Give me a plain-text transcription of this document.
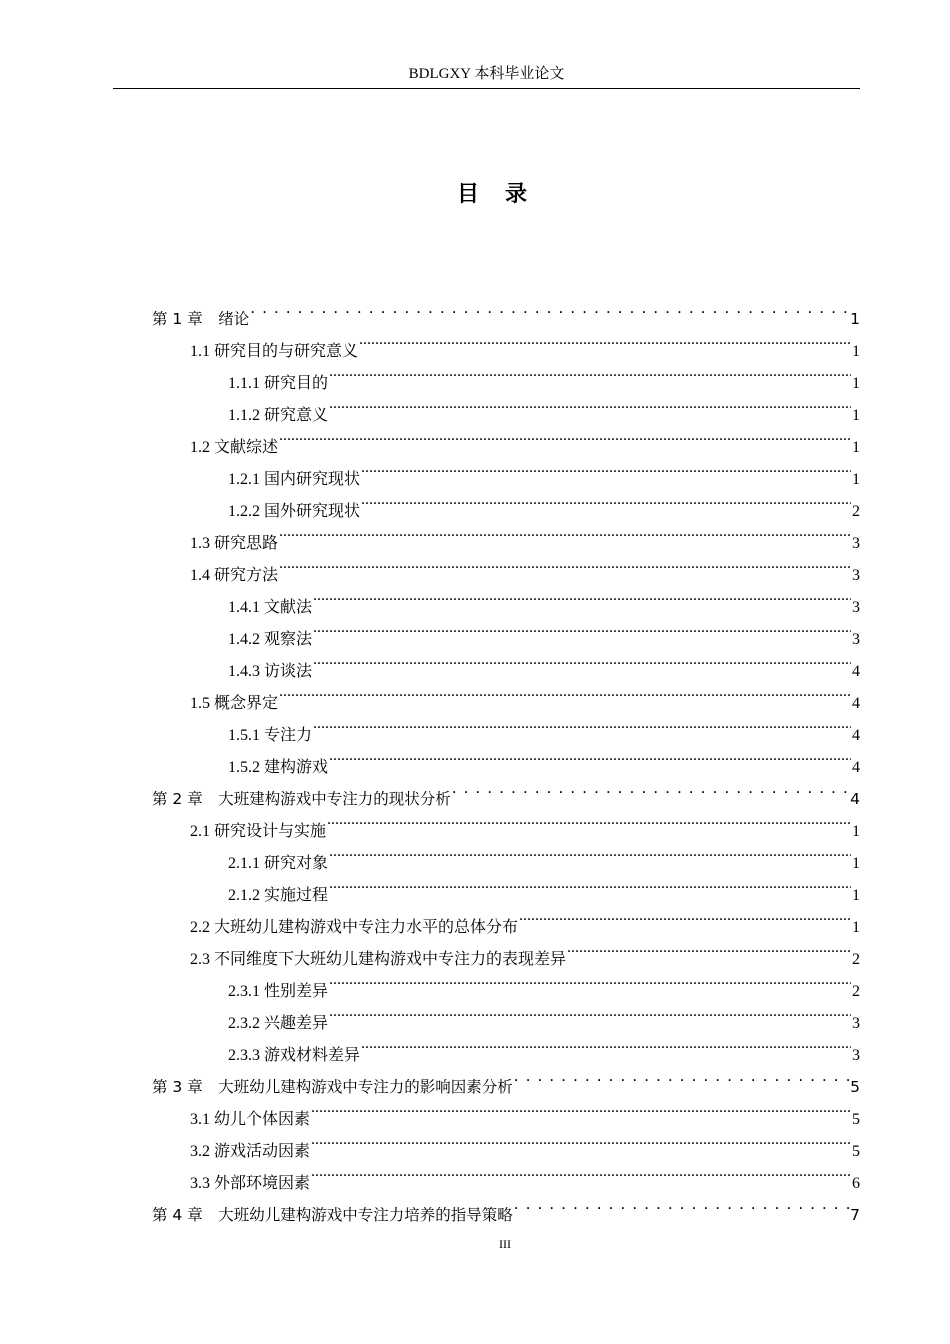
BDLGXY 本科毕业论文
目录
第 1 章　绪论 . . .	1
1.1 研究目的与研究意义 .....	1
1.1.1 研究目的 .....	1
1.1.2 研究意义 .....	1
1.2 文献综述 .....	1
1.2.1 国内研究现状 .....	1
1.2.2 国外研究现状 .....	2
1.3 研究思路 .....	3
1.4 研究方法 .....	3
1.4.1 文献法 .....	3
1.4.2 观察法 .....	3
1.4.3 访谈法 .....	4
1.5 概念界定 .....	4
1.5.1 专注力 .....	4
1.5.2 建构游戏 .....	4
第 2 章　大班建构游戏中专注力的现状分析 . . .	4
2.1 研究设计与实施 .....	1
2.1.1 研究对象 .....	1
2.1.2 实施过程 .....	1
2.2 大班幼儿建构游戏中专注力水平的总体分布 .....	1
2.3 不同维度下大班幼儿建构游戏中专注力的表现差异 .....	2
2.3.1 性别差异 .....	2
2.3.2 兴趣差异 .....	3
2.3.3 游戏材料差异 .....	3
第 3 章　大班幼儿建构游戏中专注力的影响因素分析 . . .	5
3.1 幼儿个体因素 .....	5
3.2 游戏活动因素 .....	5
3.3 外部环境因素 .....	6
第 4 章　大班幼儿建构游戏中专注力培养的指导策略 . . .	7
III
